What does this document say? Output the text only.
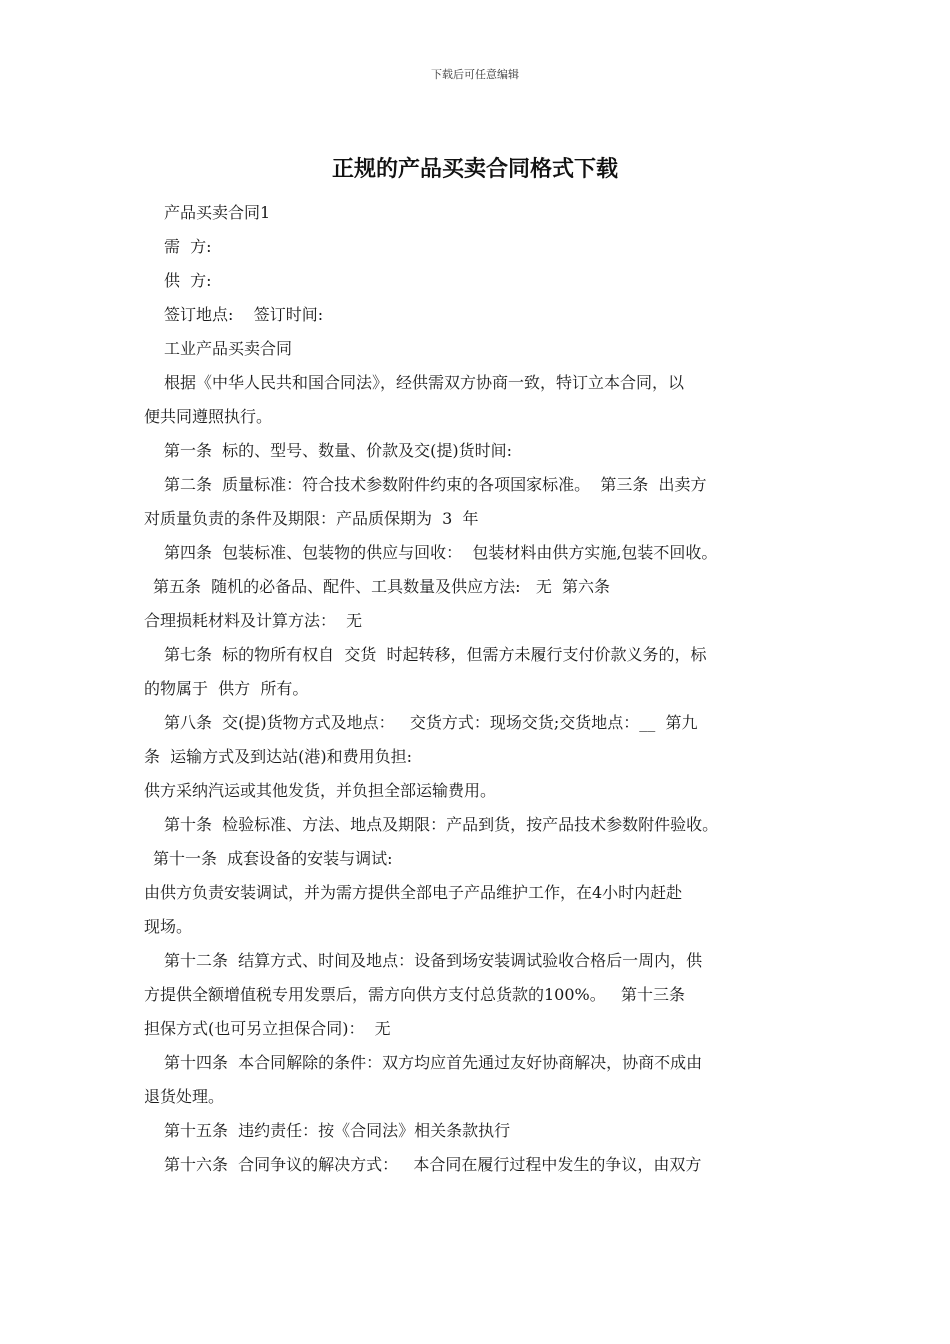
下载后可任意编辑
正规的产品买卖合同格式下载
产品买卖合同1
需  方:
供  方:
签订地点:    签订时间:
工业产品买卖合同
根据《中华人民共和国合同法》，经供需双方协商一致，特订立本合同，以
便共同遵照执行。
第一条  标的、型号、数量、价款及交(提)货时间:
第二条  质量标准：符合技术参数附件约束的各项国家标准。  第三条  出卖方
对质量负责的条件及期限：产品质保期为  3  年
第四条  包装标准、包装物的供应与回收：  包装材料由供方实施,包装不回收。
第五条  随机的必备品、配件、工具数量及供应方法:   无  第六条
合理损耗材料及计算方法：  无
第七条  标的物所有权自  交货  时起转移，但需方未履行支付价款义务的，标
的物属于  供方  所有。
第八条  交(提)货物方式及地点：   交货方式：现场交货;交货地点：__  第九
条  运输方式及到达站(港)和费用负担:
供方采纳汽运或其他发货，并负担全部运输费用。
第十条  检验标准、方法、地点及期限：产品到货，按产品技术参数附件验收。
第十一条  成套设备的安装与调试:
由供方负责安装调试，并为需方提供全部电子产品维护工作，在4小时内赶赴
现场。
第十二条  结算方式、时间及地点：设备到场安装调试验收合格后一周内，供
方提供全额增值税专用发票后，需方向供方支付总货款的100%。   第十三条
担保方式(也可另立担保合同)：  无
第十四条  本合同解除的条件：双方均应首先通过友好协商解决，协商不成由
退货处理。
第十五条  违约责任：按《合同法》相关条款执行
第十六条  合同争议的解决方式：   本合同在履行过程中发生的争议，由双方
